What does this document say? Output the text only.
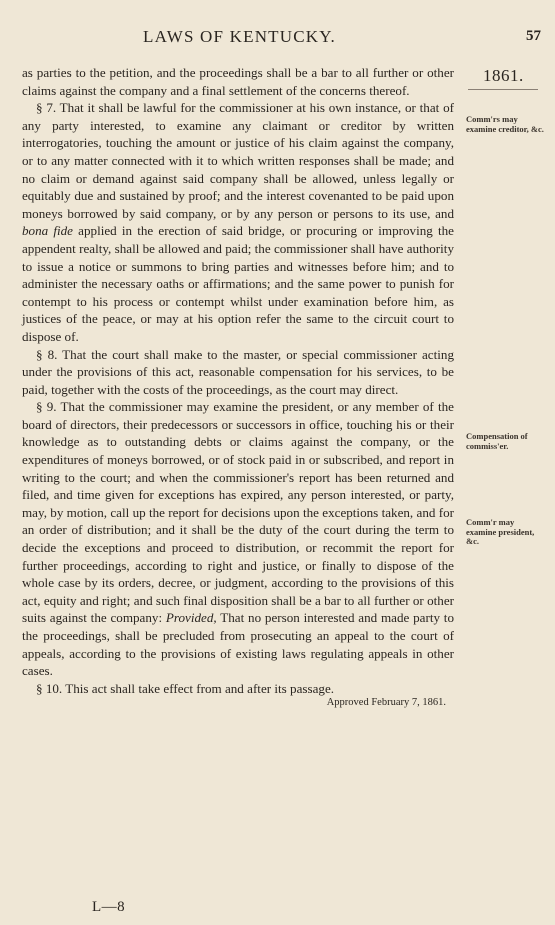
LAWS OF KENTUCKY.	57
1861.

as parties to the petition, and the proceedings shall be a bar to all further or other claims against the company and a final settlement of the concerns thereof.

§ 7. That it shall be lawful for the commissioner at his own instance, or that of any party interested, to examine any claimant or creditor by written interrogatories, touching the amount or justice of his claim against the company, or to any matter connected with it to which written responses shall be made; and no claim or demand against said company shall be allowed, unless legally or equitably due and sustained by proof; and the interest covenanted to be paid upon moneys borrowed by said company, or by any person or persons to its use, and bona fide applied in the erection of said bridge, or procuring or improving the appendent realty, shall be allowed and paid; the commissioner shall have authority to issue a notice or summons to bring parties and witnesses before him; and to administer the necessary oaths or affirmations; and the same power to punish for contempt to his process or contempt whilst under examination before him, as justices of the peace, or may at his option refer the same to the circuit court to dispose of.

§ 8. That the court shall make to the master, or special commissioner acting under the provisions of this act, reasonable compensation for his services, to be paid, together with the costs of the proceedings, as the court may direct.

§ 9. That the commissioner may examine the president, or any member of the board of directors, their predecessors or successors in office, touching his or their knowledge as to outstanding debts or claims against the company, or the expenditures of moneys borrowed, or of stock paid in or subscribed, and report in writing to the court; and when the commissioner's report has been returned and filed, and time given for exceptions has expired, any person interested, or party, may, by motion, call up the report for decisions upon the exceptions taken, and for an order of distribution; and it shall be the duty of the court during the term to decide the exceptions and proceed to distribution, or recommit the report for further proceedings, according to right and justice, or finally to dispose of the whole case by its orders, decree, or judgment, according to the provisions of this act, equity and right; and such final disposition shall be a bar to all further or other suits against the company: Provided, That no person interested and made party to the proceedings, shall be precluded from prosecuting an appeal to the court of appeals, according to the provisions of existing laws regulating appeals in other cases.

§ 10. This act shall take effect from and after its passage.

Approved February 7, 1861.

Comm'rs may examine creditor, &c.
Compensation of commiss'er.
Comm'r may examine president, &c.
L—8
